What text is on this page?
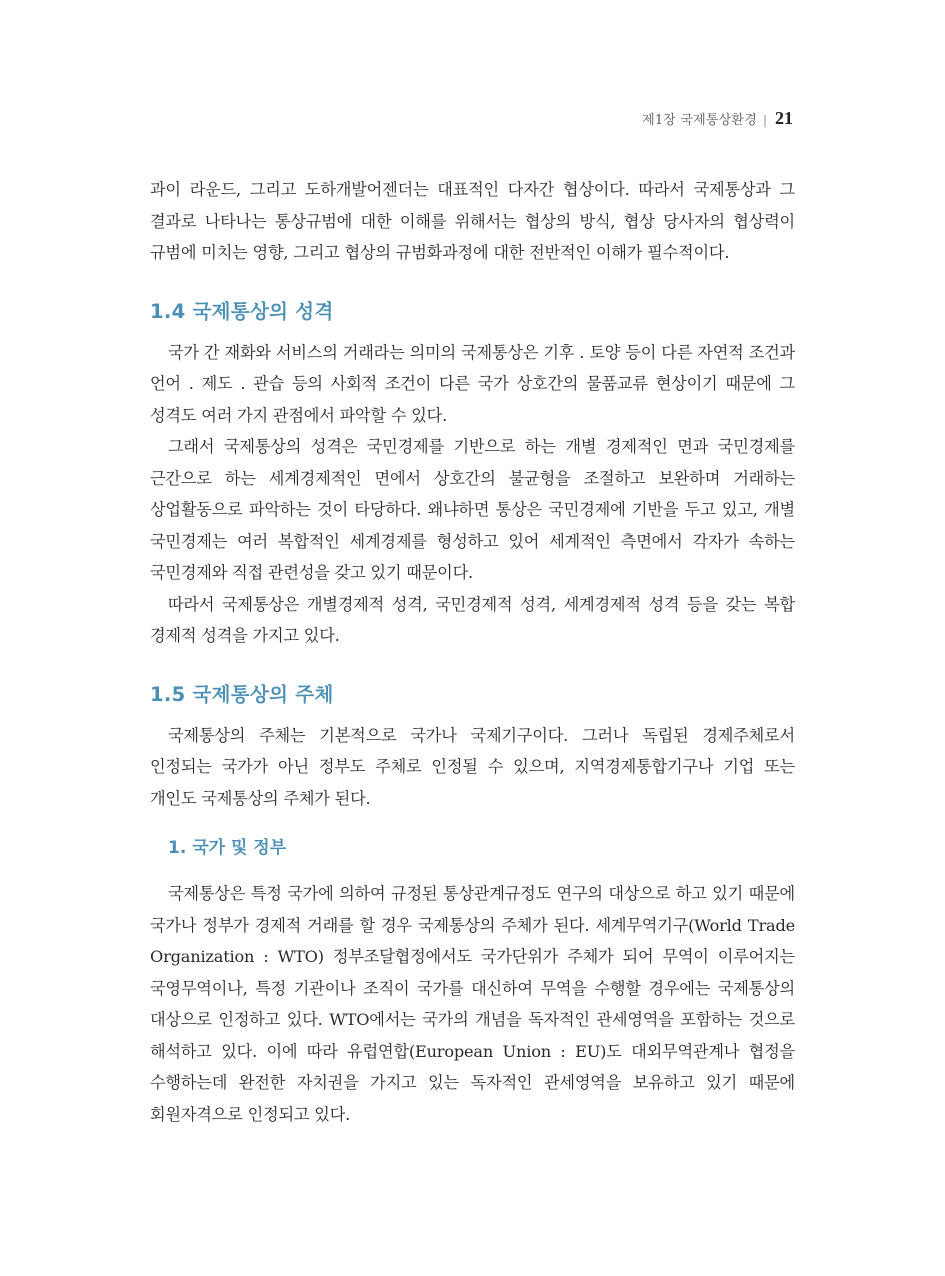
제1장 국제통상환경 | 21

과이 라운드, 그리고 도하개발어젠더는 대표적인 다자간 협상이다. 따라서 국제통상과 그 결과로 나타나는 통상규범에 대한 이해를 위해서는 협상의 방식, 협상 당사자의 협상력이 규범에 미치는 영향, 그리고 협상의 규범화과정에 대한 전반적인 이해가 필수적이다.

1.4 국제통상의 성격

국가 간 재화와 서비스의 거래라는 의미의 국제통상은 기후 . 토양 등이 다른 자연적 조건과 언어 . 제도 . 관습 등의 사회적 조건이 다른 국가 상호간의 물품교류 현상이기 때문에 그 성격도 여러 가지 관점에서 파악할 수 있다.

그래서 국제통상의 성격은 국민경제를 기반으로 하는 개별 경제적인 면과 국민경제를 근간으로 하는 세계경제적인 면에서 상호간의 불균형을 조절하고 보완하며 거래하는 상업활동으로 파악하는 것이 타당하다. 왜냐하면 통상은 국민경제에 기반을 두고 있고, 개별 국민경제는 여러 복합적인 세계경제를 형성하고 있어 세계적인 측면에서 각자가 속하는 국민경제와 직접 관련성을 갖고 있기 때문이다.

따라서 국제통상은 개별경제적 성격, 국민경제적 성격, 세계경제적 성격 등을 갖는 복합 경제적 성격을 가지고 있다.

1.5 국제통상의 주체

국제통상의 주체는 기본적으로 국가나 국제기구이다. 그러나 독립된 경제주체로서 인정되는 국가가 아닌 정부도 주체로 인정될 수 있으며, 지역경제통합기구나 기업 또는 개인도 국제통상의 주체가 된다.

1. 국가 및 정부

국제통상은 특정 국가에 의하여 규정된 통상관계규정도 연구의 대상으로 하고 있기 때문에 국가나 정부가 경제적 거래를 할 경우 국제통상의 주체가 된다. 세계무역기구(World Trade Organization : WTO) 정부조달협정에서도 국가단위가 주체가 되어 무역이 이루어지는 국영무역이나, 특정 기관이나 조직이 국가를 대신하여 무역을 수행할 경우에는 국제통상의 대상으로 인정하고 있다. WTO에서는 국가의 개념을 독자적인 관세영역을 포함하는 것으로 해석하고 있다. 이에 따라 유럽연합(European Union : EU)도 대외무역관계나 협정을 수행하는데 완전한 자치권을 가지고 있는 독자적인 관세영역을 보유하고 있기 때문에 회원자격으로 인정되고 있다.
